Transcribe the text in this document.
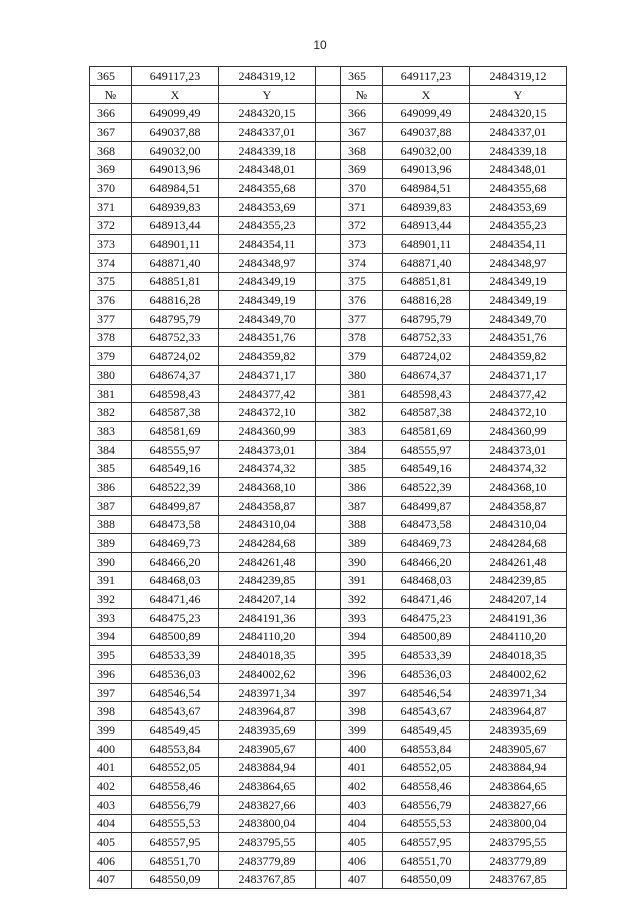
10
365	649117,23	2484319,12		365	649117,23	2484319,12
№	X	Y		№	X	Y
366	649099,49	2484320,15		366	649099,49	2484320,15
367	649037,88	2484337,01		367	649037,88	2484337,01
368	649032,00	2484339,18		368	649032,00	2484339,18
369	649013,96	2484348,01		369	649013,96	2484348,01
370	648984,51	2484355,68		370	648984,51	2484355,68
371	648939,83	2484353,69		371	648939,83	2484353,69
372	648913,44	2484355,23		372	648913,44	2484355,23
373	648901,11	2484354,11		373	648901,11	2484354,11
374	648871,40	2484348,97		374	648871,40	2484348,97
375	648851,81	2484349,19		375	648851,81	2484349,19
376	648816,28	2484349,19		376	648816,28	2484349,19
377	648795,79	2484349,70		377	648795,79	2484349,70
378	648752,33	2484351,76		378	648752,33	2484351,76
379	648724,02	2484359,82		379	648724,02	2484359,82
380	648674,37	2484371,17		380	648674,37	2484371,17
381	648598,43	2484377,42		381	648598,43	2484377,42
382	648587,38	2484372,10		382	648587,38	2484372,10
383	648581,69	2484360,99		383	648581,69	2484360,99
384	648555,97	2484373,01		384	648555,97	2484373,01
385	648549,16	2484374,32		385	648549,16	2484374,32
386	648522,39	2484368,10		386	648522,39	2484368,10
387	648499,87	2484358,87		387	648499,87	2484358,87
388	648473,58	2484310,04		388	648473,58	2484310,04
389	648469,73	2484284,68		389	648469,73	2484284,68
390	648466,20	2484261,48		390	648466,20	2484261,48
391	648468,03	2484239,85		391	648468,03	2484239,85
392	648471,46	2484207,14		392	648471,46	2484207,14
393	648475,23	2484191,36		393	648475,23	2484191,36
394	648500,89	2484110,20		394	648500,89	2484110,20
395	648533,39	2484018,35		395	648533,39	2484018,35
396	648536,03	2484002,62		396	648536,03	2484002,62
397	648546,54	2483971,34		397	648546,54	2483971,34
398	648543,67	2483964,87		398	648543,67	2483964,87
399	648549,45	2483935,69		399	648549,45	2483935,69
400	648553,84	2483905,67		400	648553,84	2483905,67
401	648552,05	2483884,94		401	648552,05	2483884,94
402	648558,46	2483864,65		402	648558,46	2483864,65
403	648556,79	2483827,66		403	648556,79	2483827,66
404	648555,53	2483800,04		404	648555,53	2483800,04
405	648557,95	2483795,55		405	648557,95	2483795,55
406	648551,70	2483779,89		406	648551,70	2483779,89
407	648550,09	2483767,85		407	648550,09	2483767,85
